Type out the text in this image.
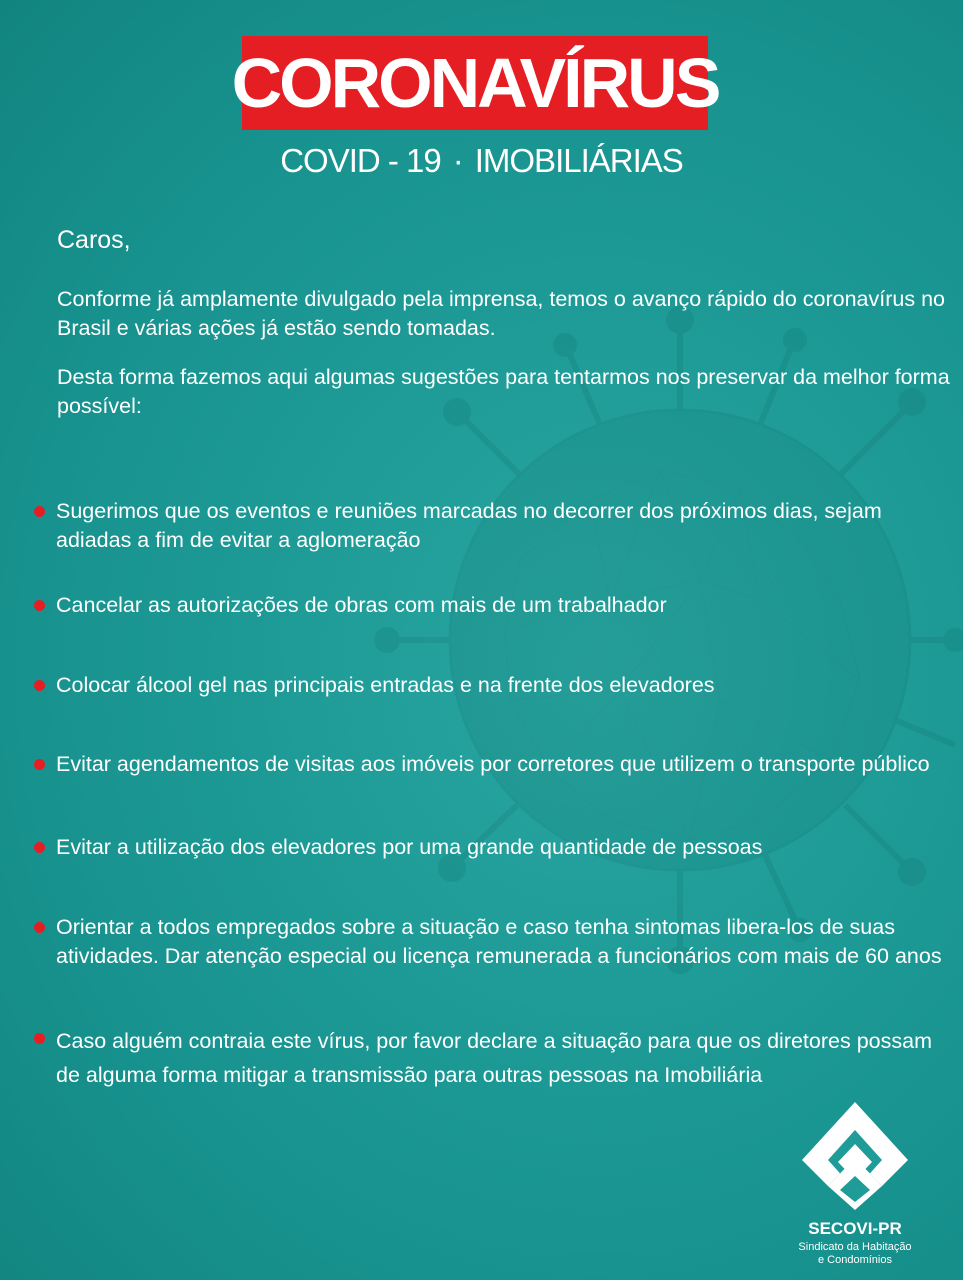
CORONAVÍRUS
COVID - 19 · IMOBILIÁRIAS
Caros,
Conforme já amplamente divulgado pela imprensa, temos o avanço rápido do coronavírus no Brasil e várias ações já estão sendo tomadas.
Desta forma fazemos aqui algumas sugestões para tentarmos nos preservar da melhor forma possível:
Sugerimos que os eventos e reuniões marcadas no decorrer dos próximos dias, sejam adiadas a fim de evitar a aglomeração
Cancelar as autorizações de obras com mais de um trabalhador
Colocar álcool gel nas principais entradas e na frente dos elevadores
Evitar agendamentos de visitas aos imóveis por corretores que utilizem o transporte público
Evitar a utilização dos elevadores por uma grande quantidade de pessoas
Orientar a todos empregados sobre a situação e caso tenha sintomas libera-los de suas atividades. Dar atenção especial ou licença remunerada a funcionários com mais de 60 anos
Caso alguém contraia este vírus, por favor declare a situação para que os diretores possam de alguma forma mitigar a transmissão para outras pessoas na Imobiliária
SECOVI-PR
Sindicato da Habitação
e Condomínios
